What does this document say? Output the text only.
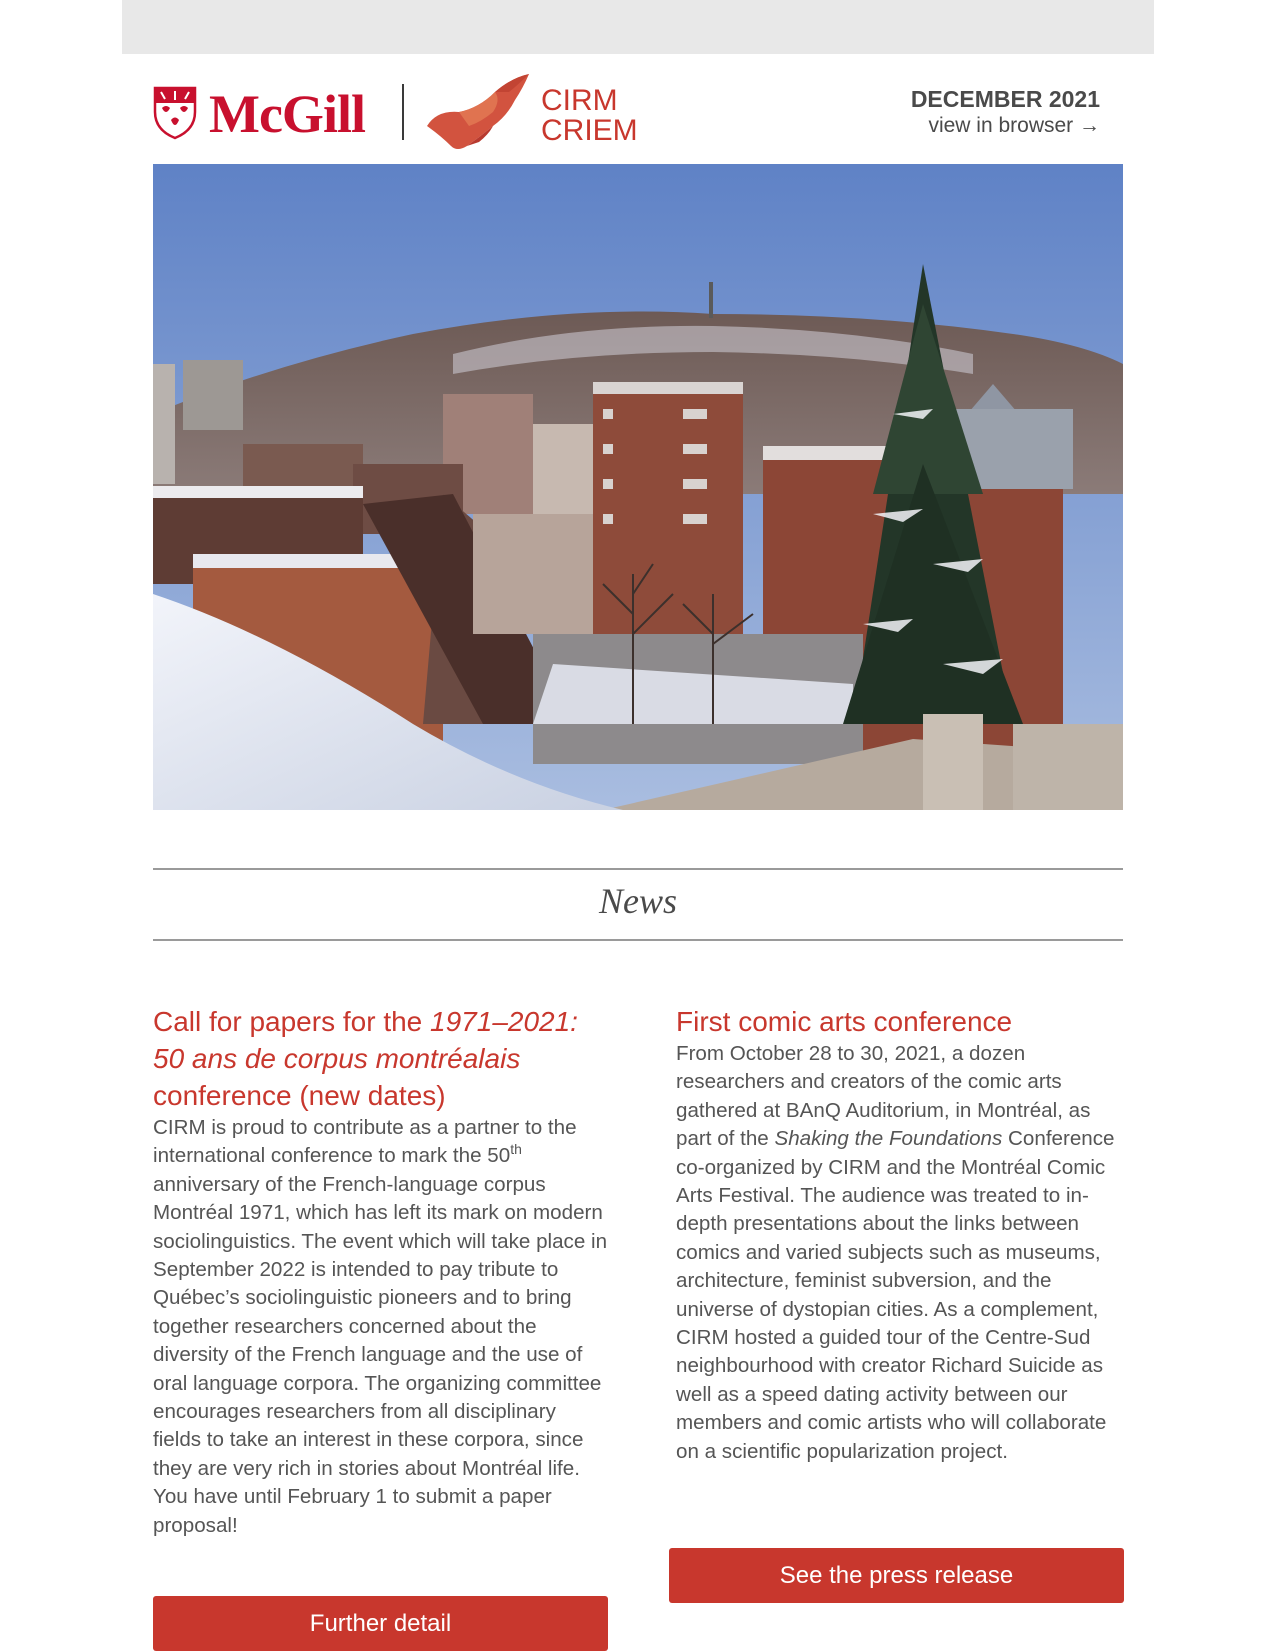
McGill	CIRM
CRIEM
DECEMBER 2021
view in browser →
News
Call for papers for the 1971–2021: 50 ans de corpus montréalais conference (new dates)

CIRM is proud to contribute as a partner to the international conference to mark the 50th anniversary of the French-language corpus Montréal 1971, which has left its mark on modern sociolinguistics. The event which will take place in September 2022 is intended to pay tribute to Québec’s sociolinguistic pioneers and to bring together researchers concerned about the diversity of the French language and the use of oral language corpora. The organizing committee encourages researchers from all disciplinary fields to take an interest in these corpora, since they are very rich in stories about Montréal life. You have until February 1 to submit a paper proposal!

First comic arts conference

From October 28 to 30, 2021, a dozen researchers and creators of the comic arts gathered at BAnQ Auditorium, in Montréal, as part of the Shaking the Foundations Conference co-organized by CIRM and the Montréal Comic Arts Festival. The audience was treated to in-depth presentations about the links between comics and varied subjects such as museums, architecture, feminist subversion, and the universe of dystopian cities. As a complement, CIRM hosted a guided tour of the Centre-Sud neighbourhood with creator Richard Suicide as well as a speed dating activity between our members and comic artists who will collaborate on a scientific popularization project.

See the press release
Further detail
